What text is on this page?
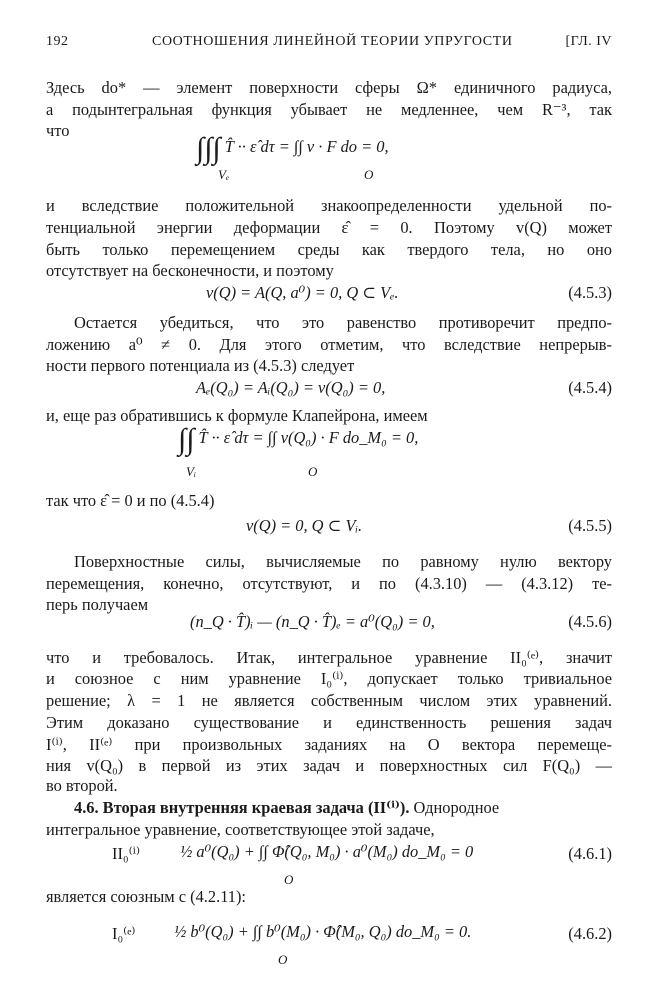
192	СООТНОШЕНИЯ ЛИНЕЙНОЙ ТЕОРИИ УПРУГОСТИ	[ГЛ. IV
Здесь do* — элемент поверхности сферы Ω* единичного радиуса,
а подынтегральная функция убывает не медленнее, чем R⁻³, так
что
∫∫∫ T̂ ·· ε̂ dτ = ∫∫ v · F do = 0,
Vₑ	O
и вследствие положительной знакоопределенности удельной по-
тенциальной энергии деформации ε̂ = 0. Поэтому v(Q) может
быть только перемещением среды как твердого тела, но оно
отсутствует на бесконечности, и поэтому
v(Q) = A(Q, a⁰) = 0, Q ⊂ Vₑ.	(4.5.3)
Остается убедиться, что это равенство противоречит предпо-
ложению a⁰ ≠ 0. Для этого отметим, что вследствие непрерыв-
ности первого потенциала из (4.5.3) следует
Aₑ(Q₀) = Aᵢ(Q₀) = v(Q₀) = 0,	(4.5.4)
и, еще раз обратившись к формуле Клапейрона, имеем
∫∫ T̂ ·· ε̂ dτ = ∫∫ v(Q₀) · F do_M₀ = 0,
Vᵢ	O
так что ε̂ = 0 и по (4.5.4)
v(Q) = 0, Q ⊂ Vᵢ.	(4.5.5)
Поверхностные силы, вычисляемые по равному нулю вектору
перемещения, конечно, отсутствуют, и по (4.3.10) — (4.3.12) те-
перь получаем
(n_Q · T̂)ᵢ — (n_Q · T̂)ₑ = a⁰(Q₀) = 0,	(4.5.6)
что и требовалось. Итак, интегральное уравнение II₀⁽ᵉ⁾, значит
и союзное с ним уравнение I₀⁽ⁱ⁾, допускает только тривиальное
решение; λ = 1 не является собственным числом этих уравнений.
Этим доказано существование и единственность решения задач
I⁽ⁱ⁾, II⁽ᵉ⁾ при произвольных заданиях на O вектора перемеще-
ния v(Q₀) в первой из этих задач и поверхностных сил F(Q₀) —
во второй.
4.6. Вторая внутренняя краевая задача (II⁽ⁱ⁾). Однородное
интегральное уравнение, соответствующее этой задаче,
II₀⁽ⁱ⁾ ½ a⁰(Q₀) + ∫∫ Φ̂(Q₀, M₀) · a⁰(M₀) do_M₀ = 0
O
(4.6.1)
является союзным с (4.2.11):
I₀⁽ᵉ⁾ ½ b⁰(Q₀) + ∫∫ b⁰(M₀) · Φ̂(M₀, Q₀) do_M₀ = 0.
O
(4.6.2)
